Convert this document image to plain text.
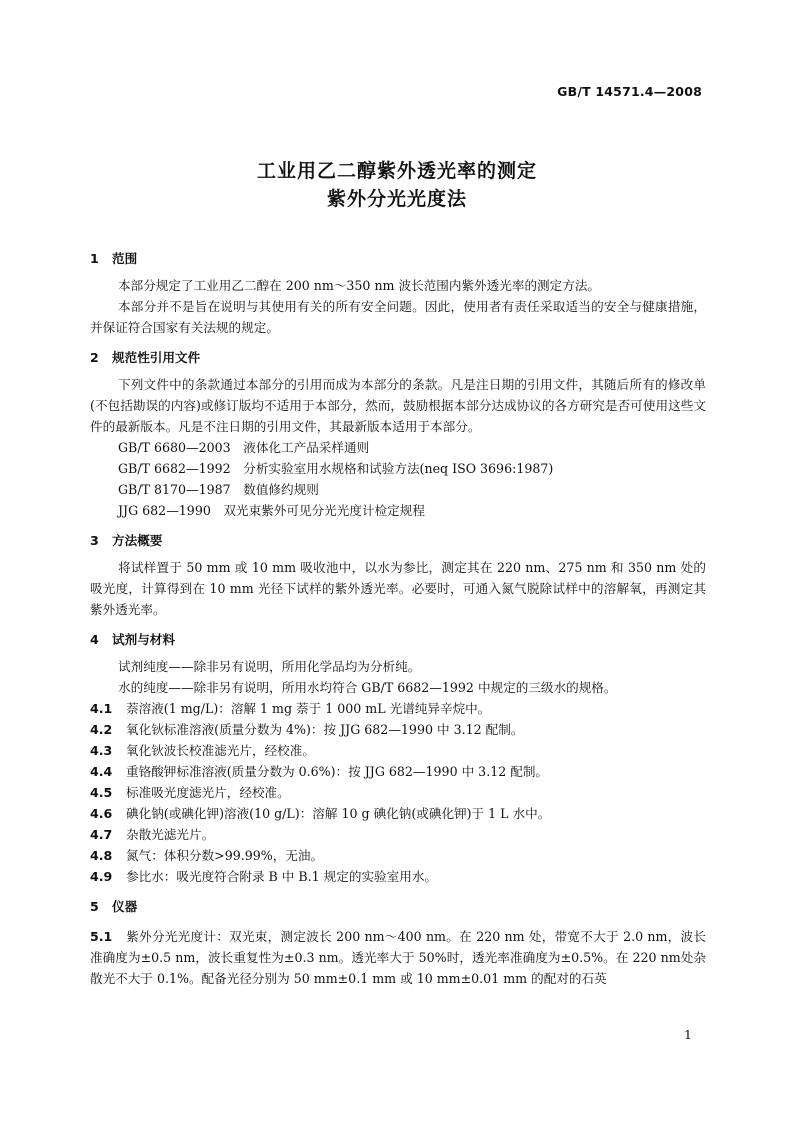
GB/T 14571.4—2008
工业用乙二醇紫外透光率的测定
紫外分光光度法

1 范围

本部分规定了工业用乙二醇在 200 nm～350 nm 波长范围内紫外透光率的测定方法。

本部分并不是旨在说明与其使用有关的所有安全问题。因此，使用者有责任采取适当的安全与健康措施，并保证符合国家有关法规的规定。

2 规范性引用文件

下列文件中的条款通过本部分的引用而成为本部分的条款。凡是注日期的引用文件，其随后所有的修改单(不包括勘误的内容)或修订版均不适用于本部分，然而，鼓励根据本部分达成协议的各方研究是否可使用这些文件的最新版本。凡是不注日期的引用文件，其最新版本适用于本部分。

GB/T 6680—2003　液体化工产品采样通则

GB/T 6682—1992　分析实验室用水规格和试验方法(neq ISO 3696:1987)

GB/T 8170—1987　数值修约规则

JJG 682—1990　双光束紫外可见分光光度计检定规程

3 方法概要

将试样置于 50 mm 或 10 mm 吸收池中，以水为参比，测定其在 220 nm、275 nm 和 350 nm 处的吸光度，计算得到在 10 mm 光径下试样的紫外透光率。必要时，可通入氮气脱除试样中的溶解氧，再测定其紫外透光率。

4 试剂与材料

试剂纯度——除非另有说明，所用化学品均为分析纯。

水的纯度——除非另有说明，所用水均符合 GB/T 6682—1992 中规定的三级水的规格。

4.1 萘溶液(1 mg/L)：溶解 1 mg 萘于 1 000 mL 光谱纯异辛烷中。

4.2 氧化钬标准溶液(质量分数为 4%)：按 JJG 682—1990 中 3.12 配制。

4.3 氧化钬波长校准滤光片，经校准。

4.4 重铬酸钾标准溶液(质量分数为 0.6%)：按 JJG 682—1990 中 3.12 配制。

4.5 标准吸光度滤光片，经校准。

4.6 碘化钠(或碘化钾)溶液(10 g/L)：溶解 10 g 碘化钠(或碘化钾)于 1 L 水中。

4.7 杂散光滤光片。

4.8 氮气：体积分数>99.99%，无油。

4.9 参比水：吸光度符合附录 B 中 B.1 规定的实验室用水。

5 仪器

5.1 紫外分光光度计：双光束，测定波长 200 nm～400 nm。在 220 nm 处，带宽不大于 2.0 nm，波长准确度为±0.5 nm，波长重复性为±0.3 nm。透光率大于 50%时，透光率准确度为±0.5%。在 220 nm处杂散光不大于 0.1%。配备光径分别为 50 mm±0.1 mm 或 10 mm±0.01 mm 的配对的石英

1
